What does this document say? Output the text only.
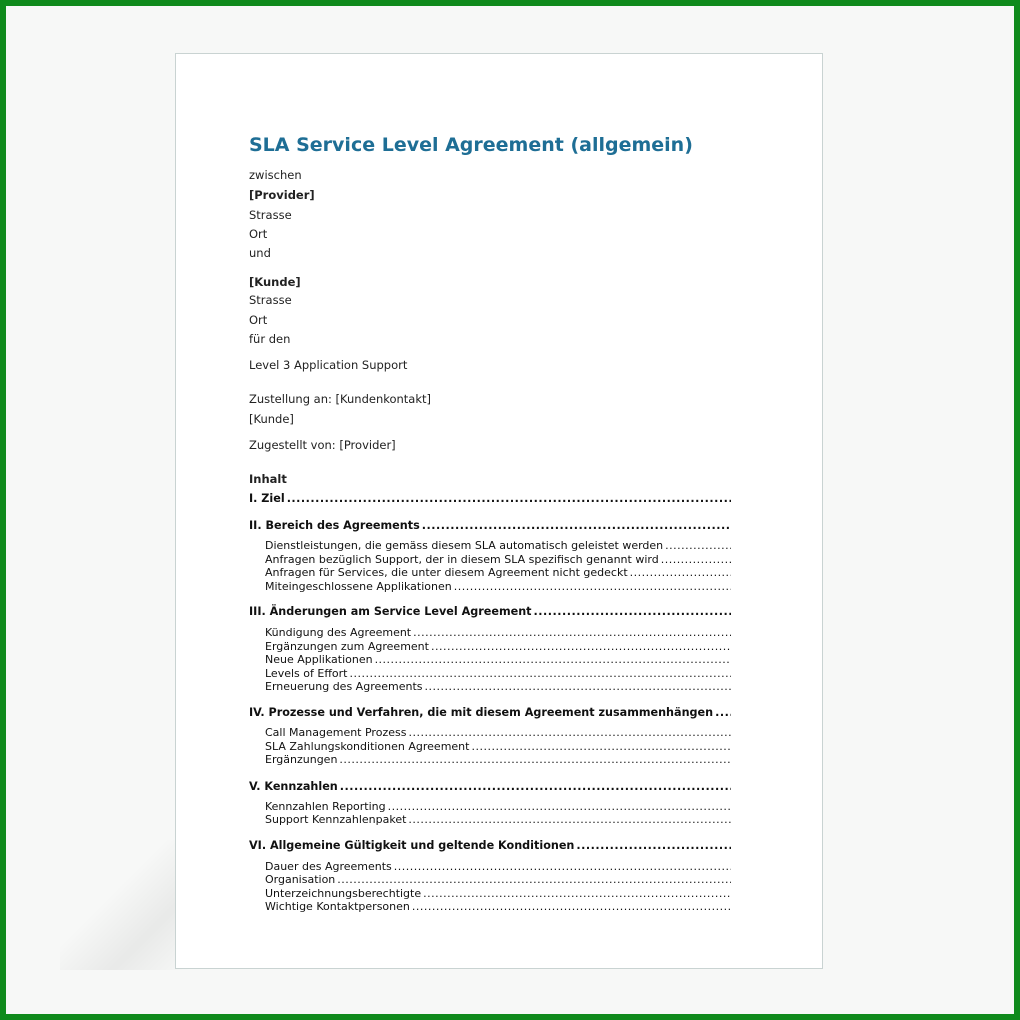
SLA Service Level Agreement (allgemein)
zwischen
[Provider]
Strasse
Ort
und
[Kunde]
Strasse
Ort
für den
Level 3 Application Support
Zustellung an: [Kundenkontakt]
[Kunde]
Zugestellt von: [Provider]
Inhalt
I. Ziel
.....
II. Bereich des Agreements
.....
Dienstleistungen, die gemäss diesem SLA automatisch geleistet werden
.....
Anfragen bezüglich Support, der in diesem SLA spezifisch genannt wird
.....
Anfragen für Services, die unter diesem Agreement nicht gedeckt
.....
Miteingeschlossene Applikationen
.....
III. Änderungen am Service Level Agreement
.....
Kündigung des Agreement
.....
Ergänzungen zum Agreement
.....
Neue Applikationen
.....
Levels of Effort
.....
Erneuerung des Agreements
.....
IV. Prozesse und Verfahren, die mit diesem Agreement zusammenhängen
.....
Call Management Prozess
.....
SLA Zahlungskonditionen Agreement
.....
Ergänzungen
.....
V. Kennzahlen
.....
Kennzahlen Reporting
.....
Support Kennzahlenpaket
.....
VI. Allgemeine Gültigkeit und geltende Konditionen
.....
Dauer des Agreements
.....
Organisation
.....
Unterzeichnungsberechtigte
.....
Wichtige Kontaktpersonen
.....
